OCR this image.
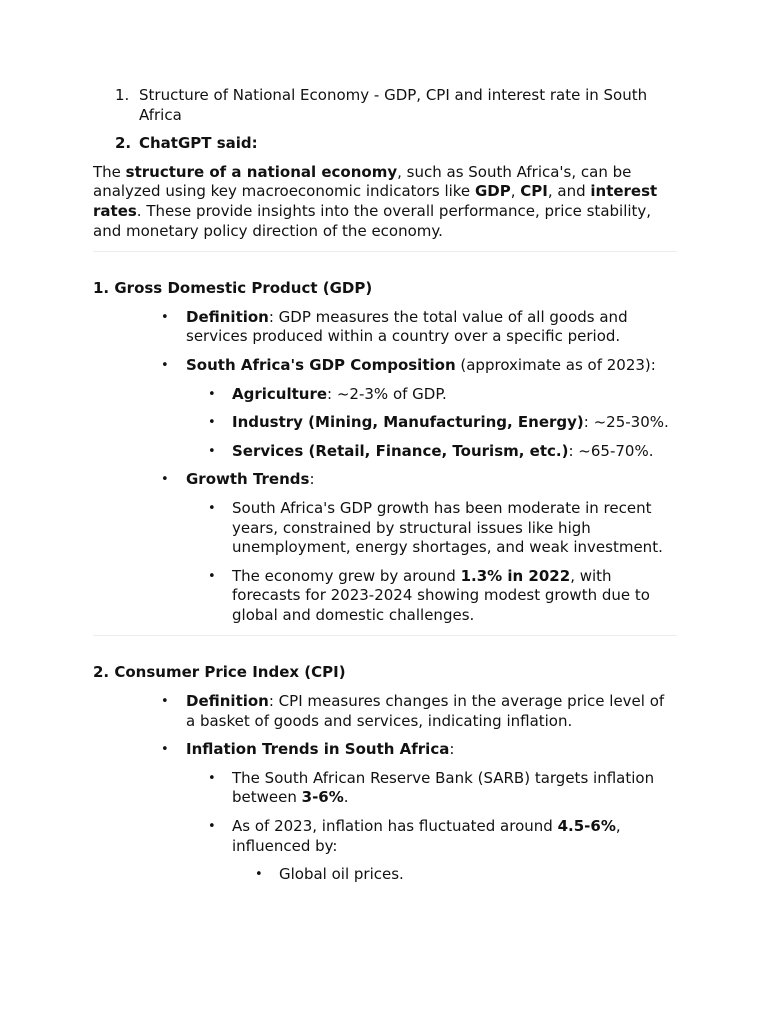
1. Structure of National Economy - GDP, CPI and interest rate in South Africa
2. ChatGPT said:

The structure of a national economy, such as South Africa's, can be analyzed using key macroeconomic indicators like GDP, CPI, and interest rates. These provide insights into the overall performance, price stability, and monetary policy direction of the economy.

1. Gross Domestic Product (GDP)
• Definition: GDP measures the total value of all goods and services produced within a country over a specific period.
• South Africa's GDP Composition (approximate as of 2023):
• Agriculture: ~2-3% of GDP.
• Industry (Mining, Manufacturing, Energy): ~25-30%.
• Services (Retail, Finance, Tourism, etc.): ~65-70%.
• Growth Trends:
• South Africa's GDP growth has been moderate in recent years, constrained by structural issues like high unemployment, energy shortages, and weak investment.
• The economy grew by around 1.3% in 2022, with forecasts for 2023-2024 showing modest growth due to global and domestic challenges.
2. Consumer Price Index (CPI)
• Definition: CPI measures changes in the average price level of a basket of goods and services, indicating inflation.
• Inflation Trends in South Africa:
• The South African Reserve Bank (SARB) targets inflation between 3-6%.
• As of 2023, inflation has fluctuated around 4.5-6%, influenced by:
• Global oil prices.
